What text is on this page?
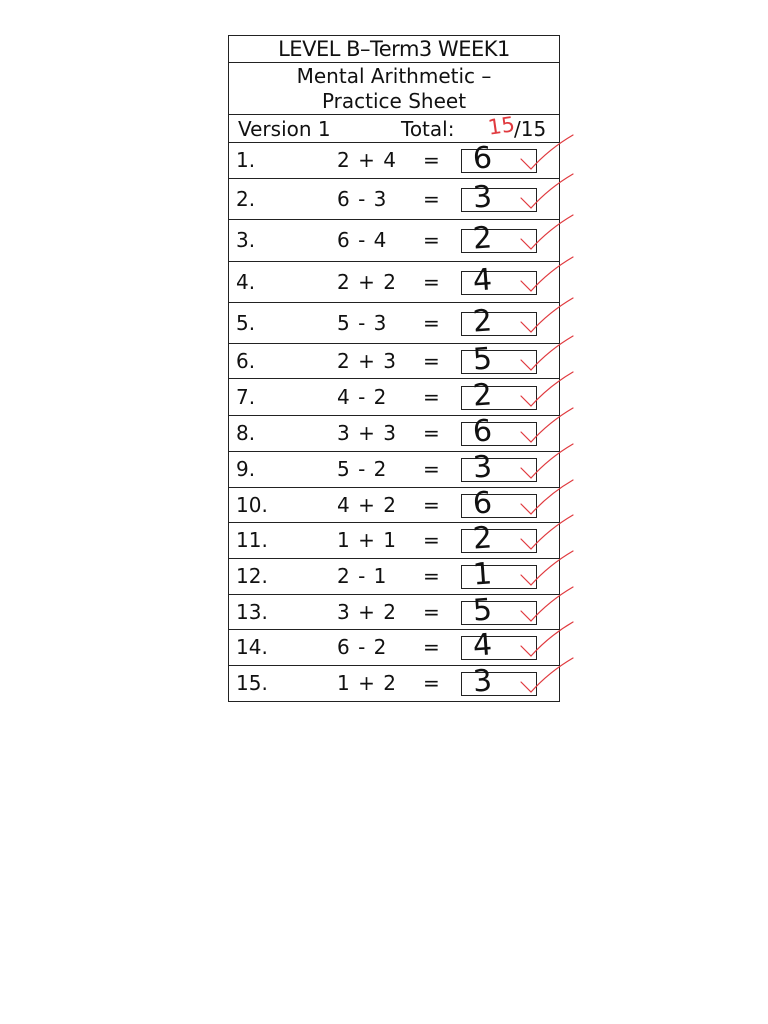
LEVEL B–Term3 WEEK1
Mental Arithmetic –
Practice Sheet
Version 1	Total: 15
/15
1.	2 + 4 = 6
2.	6 - 3 = 3
3.	6 - 4 = 2
4.	2 + 2 = 4
5.	5 - 3 = 2
6.	2 + 3 = 5
7.	4 - 2 = 2
8.	3 + 3 = 6
9.	5 - 2 = 3
10.	4 + 2 = 6
11.	1 + 1 = 2
12.	2 - 1 = 1
13.	3 + 2 = 5
14.	6 - 2 = 4
15.	1 + 2 = 3
